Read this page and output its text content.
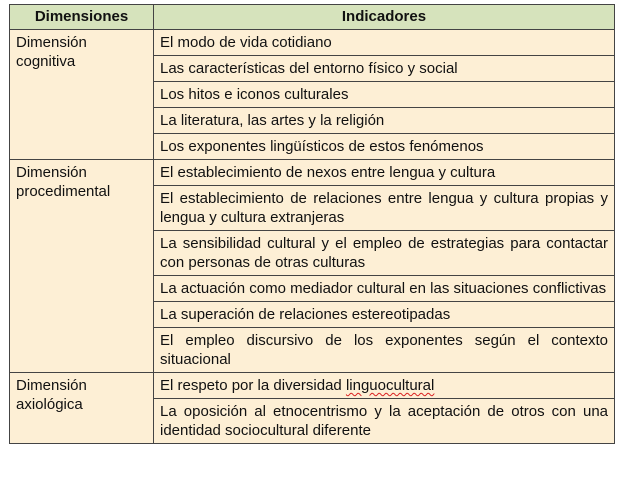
Dimensiones	Indicadores
Dimensión cognitiva	El modo de vida cotidiano
	Las características del entorno físico y social
	Los hitos e iconos culturales
	La literatura, las artes y la religión
	Los exponentes lingüísticos de estos fenómenos
Dimensión procedimental	El establecimiento de nexos entre lengua y cultura
	El establecimiento de relaciones entre lengua y cultura propias y lengua y cultura extranjeras
	La sensibilidad cultural y el empleo de estrategias para contactar con personas de otras culturas
	La actuación como mediador cultural en las situaciones conflictivas
	La superación de relaciones estereotipadas
	El empleo discursivo de los exponentes según el contexto situacional
Dimensión axiológica	El respeto por la diversidad linguocultural
	La oposición al etnocentrismo y la aceptación de otros con una identidad sociocultural diferente
